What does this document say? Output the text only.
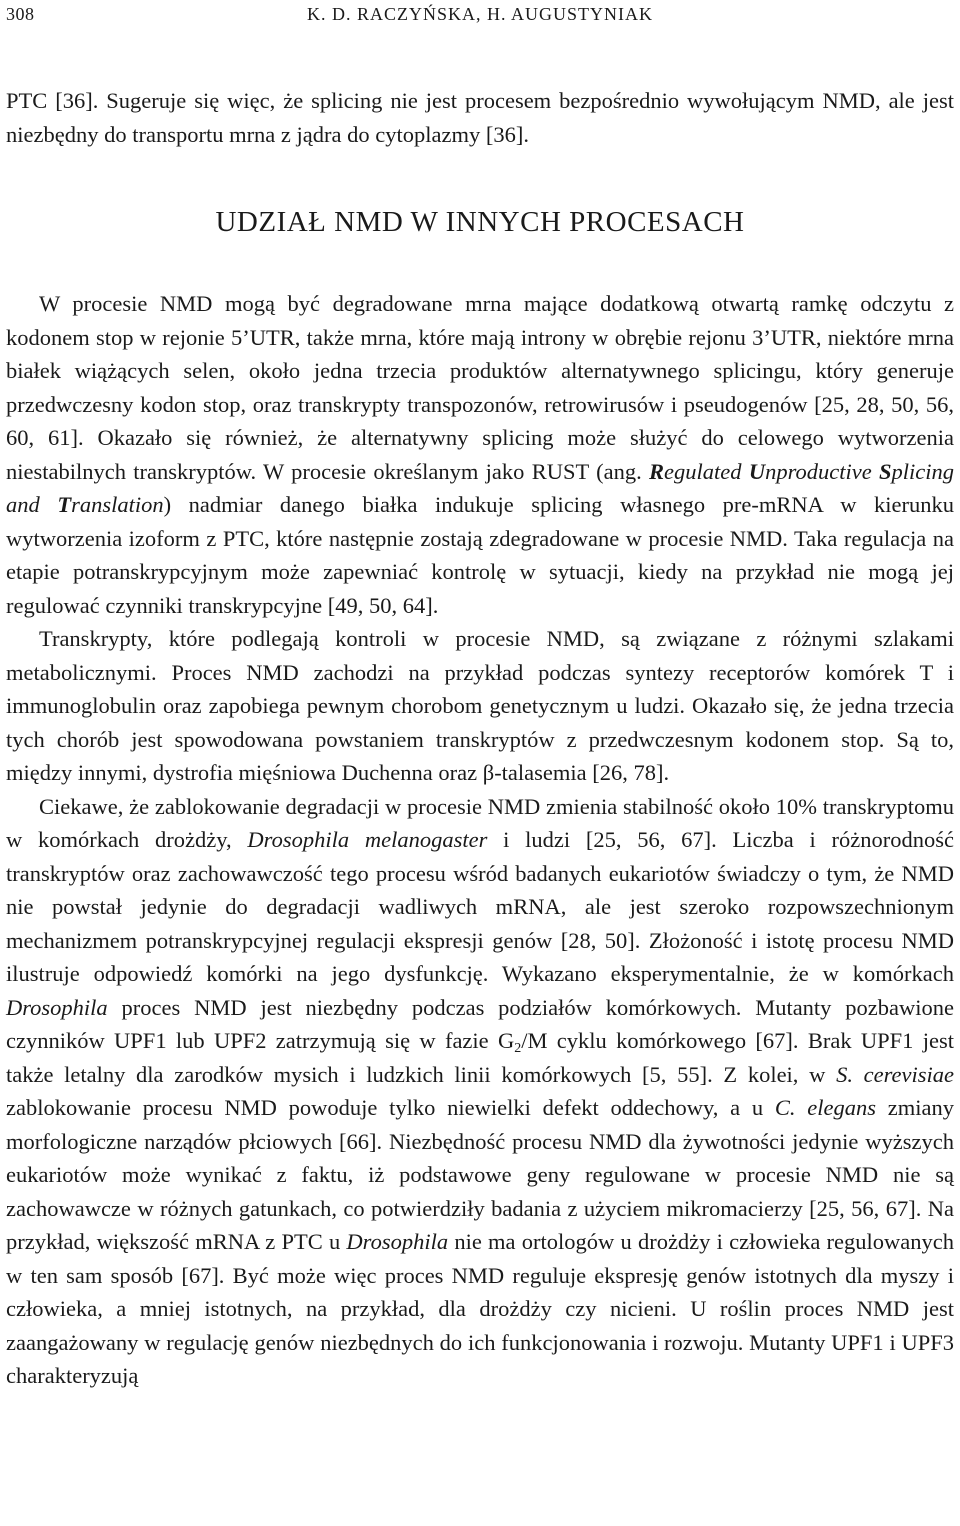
308	K. D. RACZYŃSKA, H. AUGUSTYNIAK

PTC [36]. Sugeruje się więc, że splicing nie jest procesem bezpośrednio wywołującym NMD, ale jest niezbędny do transportu mrna z jądra do cytoplazmy [36].

UDZIAŁ NMD W INNYCH PROCESACH

W procesie NMD mogą być degradowane mrna mające dodatkową otwartą ramkę odczytu z kodonem stop w rejonie 5’UTR, także mrna, które mają introny w obrębie rejonu 3’UTR, niektóre mrna białek wiążących selen, około jedna trzecia produktów alternatywnego splicingu, który generuje przedwczesny kodon stop, oraz transkrypty transpozonów, retrowirusów i pseudogenów [25, 28, 50, 56, 60, 61]. Okazało się również, że alternatywny splicing może służyć do celowego wytworzenia niestabilnych transkryptów. W procesie określanym jako RUST (ang. Regulated Unproductive Splicing and Translation) nadmiar danego białka indukuje splicing własnego pre-mRNA w kierunku wytworzenia izoform z PTC, które następnie zostają zdegradowane w procesie NMD. Taka regulacja na etapie potranskrypcyjnym może zapewniać kontrolę w sytuacji, kiedy na przykład nie mogą jej regulować czynniki transkrypcyjne [49, 50, 64].

Transkrypty, które podlegają kontroli w procesie NMD, są związane z różnymi szlakami metabolicznymi. Proces NMD zachodzi na przykład podczas syntezy receptorów komórek T i immunoglobulin oraz zapobiega pewnym chorobom genetycznym u ludzi. Okazało się, że jedna trzecia tych chorób jest spowodowana powstaniem transkryptów z przedwczesnym kodonem stop. Są to, między innymi, dystrofia mięśniowa Duchenna oraz β-talasemia [26, 78].

Ciekawe, że zablokowanie degradacji w procesie NMD zmienia stabilność około 10% transkryptomu w komórkach drożdży, Drosophila melanogaster i ludzi [25, 56, 67]. Liczba i różnorodność transkryptów oraz zachowawczość tego procesu wśród badanych eukariotów świadczy o tym, że NMD nie powstał jedynie do degradacji wadliwych mRNA, ale jest szeroko rozpowszechnionym mechanizmem potranskrypcyjnej regulacji ekspresji genów [28, 50]. Złożoność i istotę procesu NMD ilustruje odpowiedź komórki na jego dysfunkcję. Wykazano eksperymentalnie, że w komórkach Drosophila proces NMD jest niezbędny podczas podziałów komórkowych. Mutanty pozbawione czynników UPF1 lub UPF2 zatrzymują się w fazie $G_2/M$ cyklu komórkowego [67]. Brak UPF1 jest także letalny dla zarodków mysich i ludzkich linii komórkowych [5, 55]. Z kolei, w S. cerevisiae zablokowanie procesu NMD powoduje tylko niewielki defekt oddechowy, a u C. elegans zmiany morfologiczne narządów płciowych [66]. Niezbędność procesu NMD dla żywotności jedynie wyższych eukariotów może wynikać z faktu, iż podstawowe geny regulowane w procesie NMD nie są zachowawcze w różnych gatunkach, co potwierdziły badania z użyciem mikromacierzy [25, 56, 67]. Na przykład, większość mRNA z PTC u Drosophila nie ma ortologów u drożdży i człowieka regulowanych w ten sam sposób [67]. Być może więc proces NMD reguluje ekspresję genów istotnych dla myszy i człowieka, a mniej istotnych, na przykład, dla drożdży czy nicieni. U roślin proces NMD jest zaangażowany w regulację genów niezbędnych do ich funkcjonowania i rozwoju. Mutanty UPF1 i UPF3 charakteryzują
